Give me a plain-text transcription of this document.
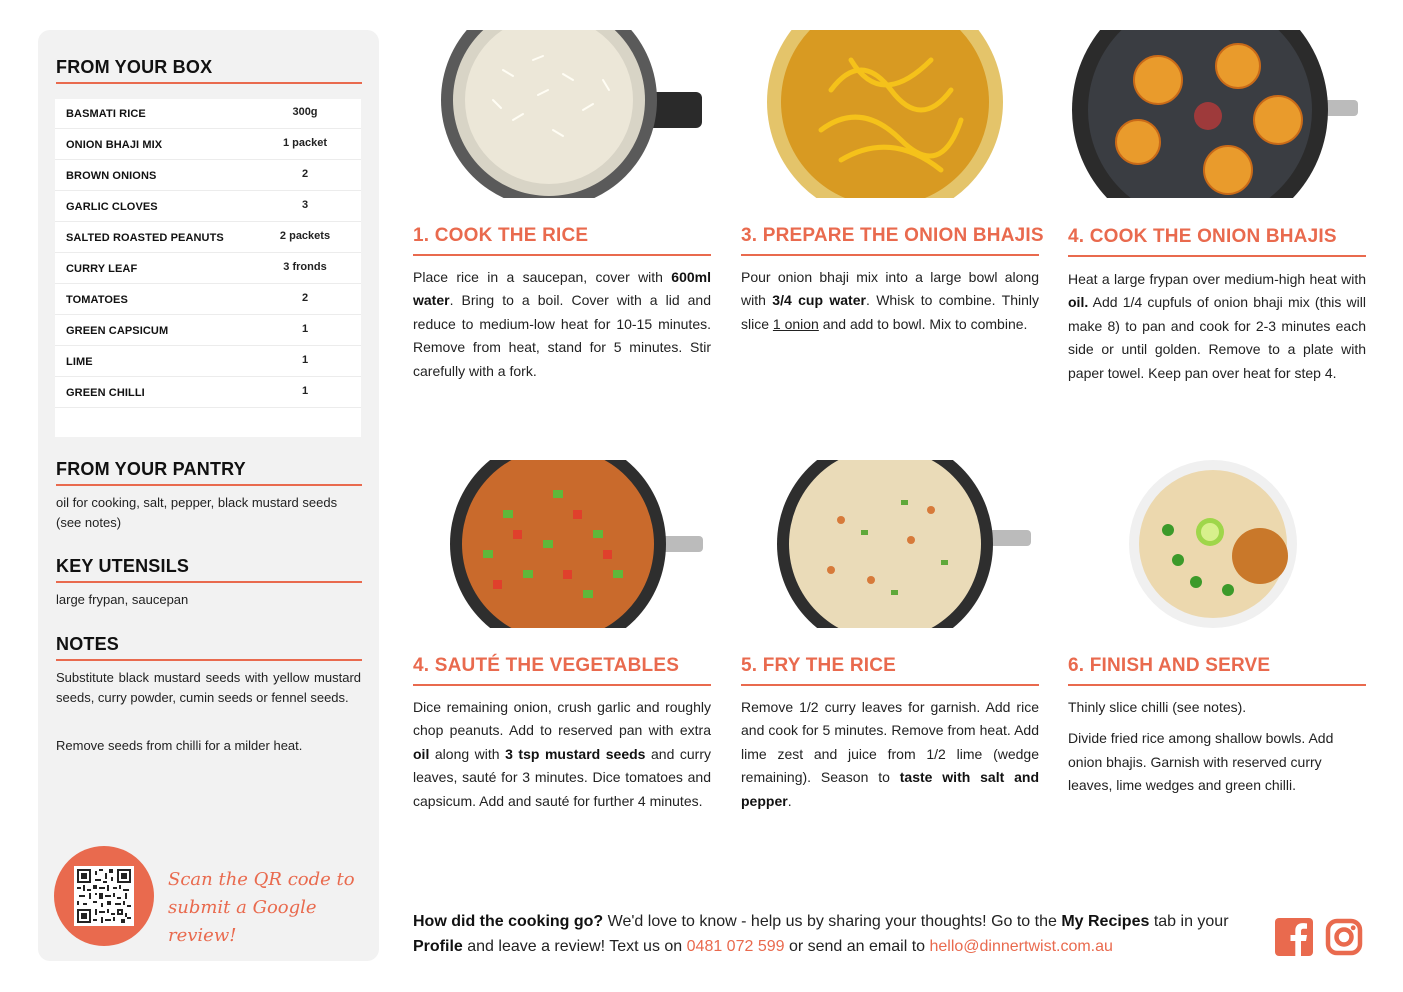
FROM YOUR BOX
BASMATI RICE	300g
ONION BHAJI MIX	1 packet
BROWN ONIONS	2
GARLIC CLOVES	3
SALTED ROASTED PEANUTS	2 packets
CURRY LEAF	3 fronds
TOMATOES	2
GREEN CAPSICUM	1
LIME	1
GREEN CHILLI	1
FROM YOUR PANTRY
oil for cooking, salt, pepper, black mustard seeds (see notes)
KEY UTENSILS
large frypan, saucepan
NOTES
Substitute black mustard seeds with yellow mustard seeds, curry powder, cumin seeds or fennel seeds.
Remove seeds from chilli for a milder heat.
Scan the QR code to
submit a Google review!
1. COOK THE RICE

Place rice in a saucepan, cover with 600ml water. Bring to a boil. Cover with a lid and reduce to medium-low heat for 10-15 minutes. Remove from heat, stand for 5 minutes. Stir carefully with a fork.

3. PREPARE THE ONION BHAJIS

Pour onion bhaji mix into a large bowl along with 3/4 cup water. Whisk to combine. Thinly slice 1 onion and add to bowl. Mix to combine.

4. COOK THE ONION BHAJIS

Heat a large frypan over medium-high heat with oil. Add 1/4 cupfuls of onion bhaji mix (this will make 8) to pan and cook for 2-3 minutes each side or until golden. Remove to a plate with paper towel. Keep pan over heat for step 4.

4. SAUTÉ THE VEGETABLES

Dice remaining onion, crush garlic and roughly chop peanuts. Add to reserved pan with extra oil along with 3 tsp mustard seeds and curry leaves, sauté for 3 minutes. Dice tomatoes and capsicum. Add and sauté for further 4 minutes.

5. FRY THE RICE

Remove 1/2 curry leaves for garnish. Add rice and cook for 5 minutes. Remove from heat. Add lime zest and juice from 1/2 lime (wedge remaining). Season to taste with salt and pepper.

6. FINISH AND SERVE

Thinly slice chilli (see notes).

Divide fried rice among shallow bowls. Add onion bhajis. Garnish with reserved curry leaves, lime wedges and green chilli.

How did the cooking go? We'd love to know - help us by sharing your thoughts! Go to the My Recipes tab in your Profile and leave a review! Text us on 0481 072 599 or send an email to hello@dinnertwist.com.au
